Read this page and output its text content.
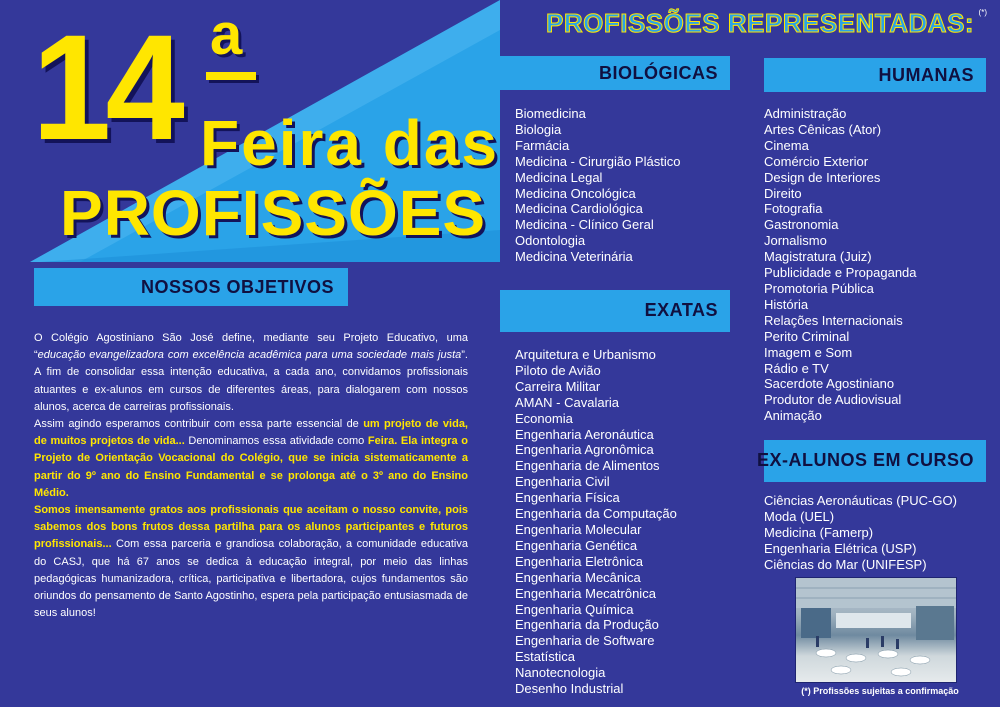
14 a
Feira das
PROFISSÕES
PROFISSÕES REPRESENTADAS: (*)
BIOLÓGICAS
Biomedicina
Biologia
Farmácia
Medicina - Cirurgião Plástico
Medicina Legal
Medicina Oncológica
Medicina Cardiológica
Medicina - Clínico Geral
Odontologia
Medicina Veterinária
EXATAS
Arquitetura e Urbanismo
Piloto de Avião
Carreira Militar
AMAN - Cavalaria
Economia
Engenharia Aeronáutica
Engenharia Agronômica
Engenharia de Alimentos
Engenharia Civil
Engenharia Física
Engenharia da Computação
Engenharia Molecular
Engenharia Genética
Engenharia Eletrônica
Engenharia Mecânica
Engenharia Mecatrônica
Engenharia Química
Engenharia da Produção
Engenharia de Software
Estatística
Nanotecnologia
Desenho Industrial
HUMANAS
Administração
Artes Cênicas (Ator)
Cinema
Comércio Exterior
Design de Interiores
Direito
Fotografia
Gastronomia
Jornalismo
Magistratura (Juiz)
Publicidade e Propaganda
Promotoria Pública
História
Relações Internacionais
Perito Criminal
Imagem e Som
Rádio e TV
Sacerdote Agostiniano
Produtor de Audiovisual
Animação
EX-ALUNOS EM CURSO
Ciências Aeronáuticas (PUC-GO)
Moda (UEL)
Medicina (Famerp)
Engenharia Elétrica (USP)
Ciências do Mar (UNIFESP)
(*) Profissões sujeitas a confirmação
NOSSOS OBJETIVOS

O Colégio Agostiniano São José define, mediante seu Projeto Educativo, uma “educação evangelizadora com excelência acadêmica para uma sociedade mais justa”. A fim de consolidar essa intenção educativa, a cada ano, convidamos profissionais atuantes e ex-alunos em cursos de diferentes áreas, para dialogarem com nossos alunos, acerca de carreiras profissionais.

Assim agindo esperamos contribuir com essa parte essencial de um projeto de vida, de muitos projetos de vida... Denominamos essa atividade como Feira. Ela integra o Projeto de Orientação Vocacional do Colégio, que se inicia sistematicamente a partir do 9º ano do Ensino Fundamental e se prolonga até o 3º ano do Ensino Médio.

Somos imensamente gratos aos profissionais que aceitam o nosso convite, pois sabemos dos bons frutos dessa partilha para os alunos participantes e futuros profissionais... Com essa parceria e grandiosa colaboração, a comunidade educativa do CASJ, que há 67 anos se dedica à educação integral, por meio das linhas pedagógicas humanizadora, crítica, participativa e libertadora, cujos fundamentos são oriundos do pensamento de Santo Agostinho, espera pela participação entusiasmada de seus alunos!
